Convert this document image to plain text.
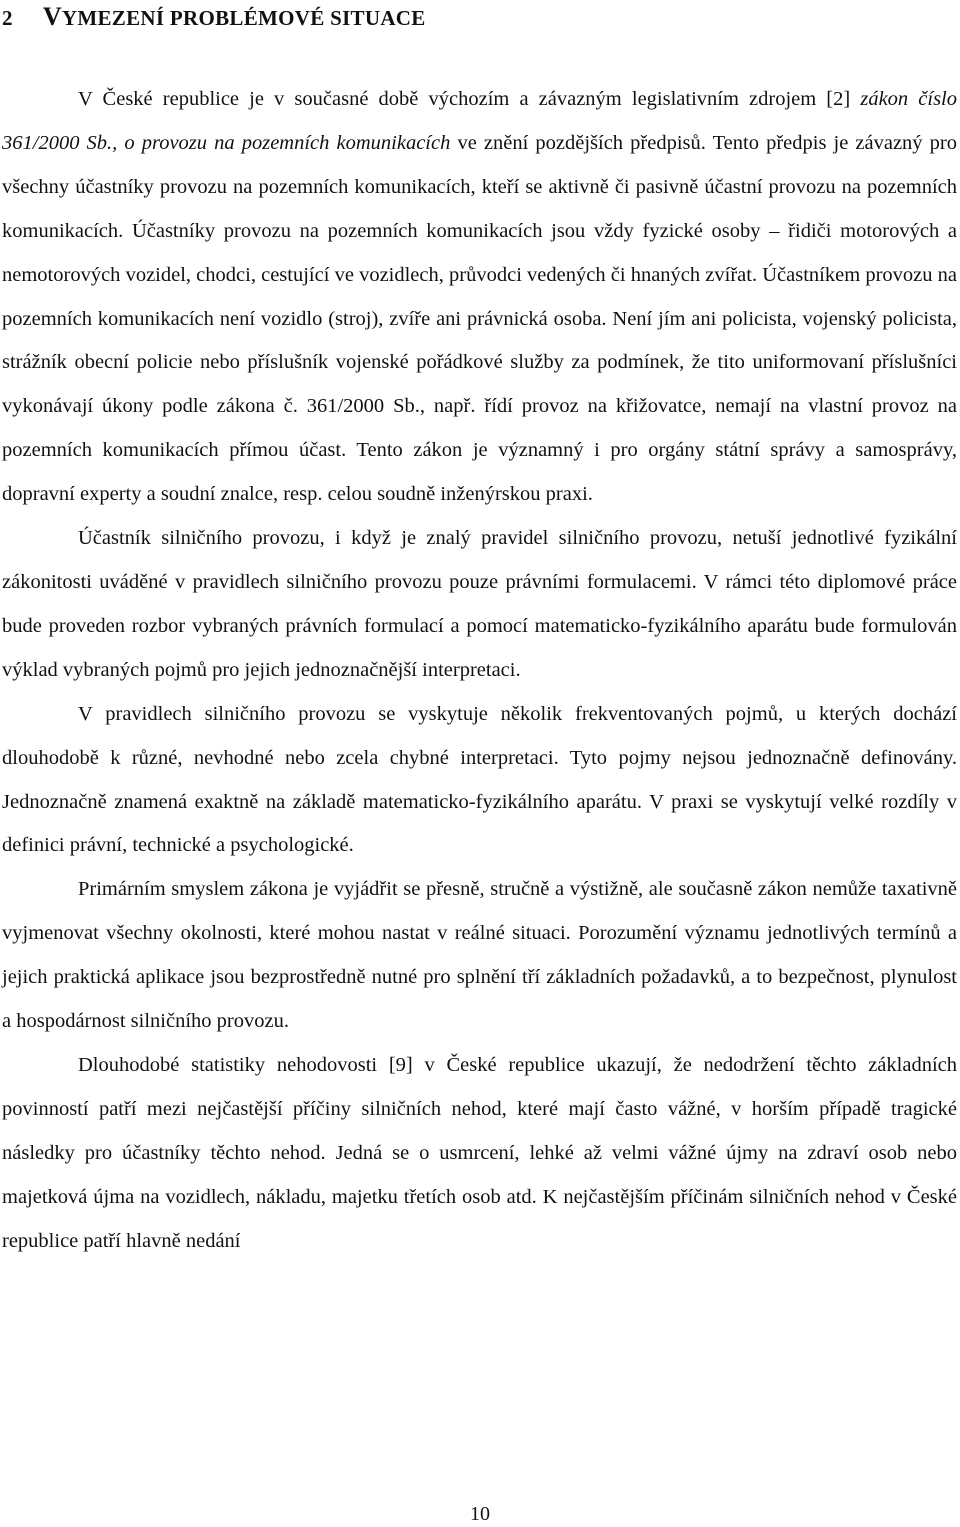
2 VYMEZENÍ PROBLÉMOVÉ SITUACE

V České republice je v současné době výchozím a závazným legislativním zdrojem [2] zákon číslo 361/2000 Sb., o provozu na pozemních komunikacích ve znění pozdějších předpisů. Tento předpis je závazný pro všechny účastníky provozu na pozemních komunikacích, kteří se aktivně či pasivně účastní provozu na pozemních komunikacích. Účastníky provozu na pozemních komunikacích jsou vždy fyzické osoby – řidiči motorových a nemotorových vozidel, chodci, cestující ve vozidlech, průvodci vedených či hnaných zvířat. Účastníkem provozu na pozemních komunikacích není vozidlo (stroj), zvíře ani právnická osoba. Není jím ani policista, vojenský policista, strážník obecní policie nebo příslušník vojenské pořádkové služby za podmínek, že tito uniformovaní příslušníci vykonávají úkony podle zákona č. 361/2000 Sb., např. řídí provoz na křižovatce, nemají na vlastní provoz na pozemních komunikacích přímou účast. Tento zákon je významný i pro orgány státní správy a samosprávy, dopravní experty a soudní znalce, resp. celou soudně inženýrskou praxi.

Účastník silničního provozu, i když je znalý pravidel silničního provozu, netuší jednotlivé fyzikální zákonitosti uváděné v pravidlech silničního provozu pouze právními formulacemi. V rámci této diplomové práce bude proveden rozbor vybraných právních formulací a pomocí matematicko-fyzikálního aparátu bude formulován výklad vybraných pojmů pro jejich jednoznačnější interpretaci.

V pravidlech silničního provozu se vyskytuje několik frekventovaných pojmů, u kterých dochází dlouhodobě k různé, nevhodné nebo zcela chybné interpretaci. Tyto pojmy nejsou jednoznačně definovány. Jednoznačně znamená exaktně na základě matematicko-fyzikálního aparátu. V praxi se vyskytují velké rozdíly v definici právní, technické a psychologické.

Primárním smyslem zákona je vyjádřit se přesně, stručně a výstižně, ale současně zákon nemůže taxativně vyjmenovat všechny okolnosti, které mohou nastat v reálné situaci. Porozumění významu jednotlivých termínů a jejich praktická aplikace jsou bezprostředně nutné pro splnění tří základních požadavků, a to bezpečnost, plynulost a hospodárnost silničního provozu.

Dlouhodobé statistiky nehodovosti [9] v České republice ukazují, že nedodržení těchto základních povinností patří mezi nejčastější příčiny silničních nehod, které mají často vážné, v horším případě tragické následky pro účastníky těchto nehod. Jedná se o usmrcení, lehké až velmi vážné újmy na zdraví osob nebo majetková újma na vozidlech, nákladu, majetku třetích osob atd. K nejčastějším příčinám silničních nehod v České republice patří hlavně nedání

10
